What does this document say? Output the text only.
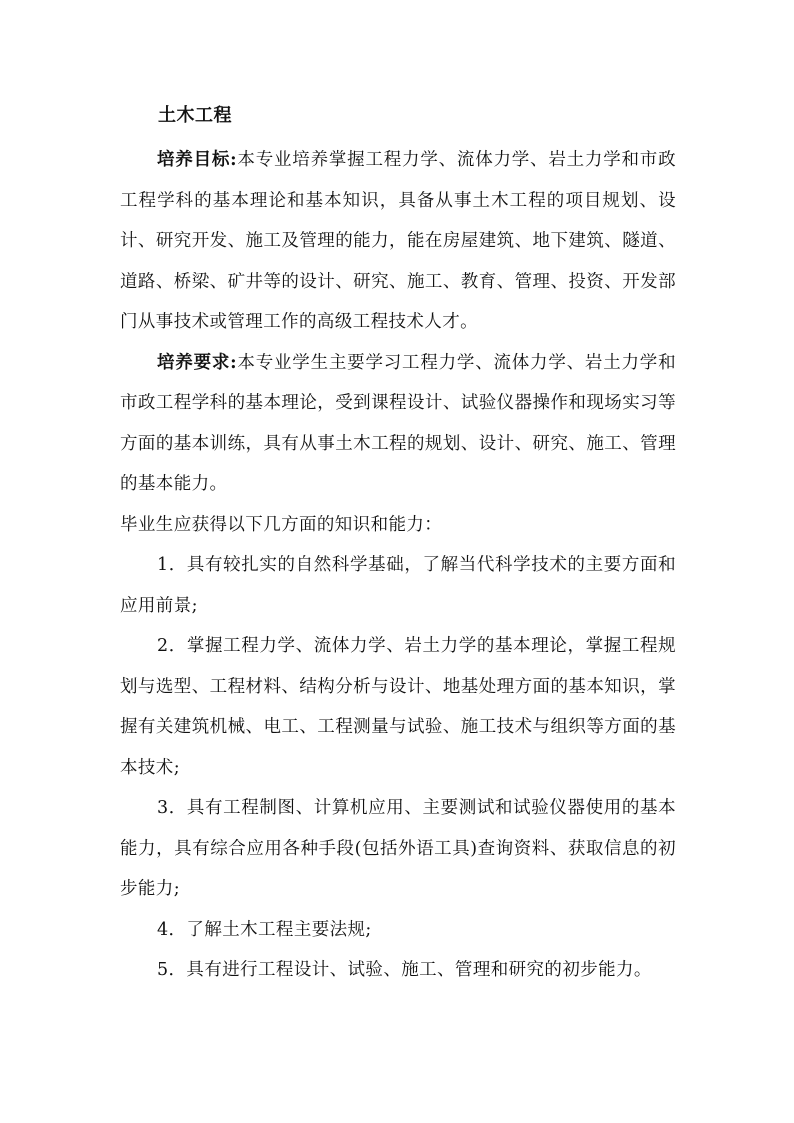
土木工程

培养目标:本专业培养掌握工程力学、流体力学、岩土力学和市政工程学科的基本理论和基本知识，具备从事土木工程的项目规划、设计、研究开发、施工及管理的能力，能在房屋建筑、地下建筑、隧道、道路、桥梁、矿井等的设计、研究、施工、教育、管理、投资、开发部门从事技术或管理工作的高级工程技术人才。

培养要求:本专业学生主要学习工程力学、流体力学、岩土力学和市政工程学科的基本理论，受到课程设计、试验仪器操作和现场实习等方面的基本训练，具有从事土木工程的规划、设计、研究、施工、管理的基本能力。

毕业生应获得以下几方面的知识和能力：

1．具有较扎实的自然科学基础，了解当代科学技术的主要方面和应用前景;

2．掌握工程力学、流体力学、岩土力学的基本理论，掌握工程规划与选型、工程材料、结构分析与设计、地基处理方面的基本知识，掌握有关建筑机械、电工、工程测量与试验、施工技术与组织等方面的基本技术;

3．具有工程制图、计算机应用、主要测试和试验仪器使用的基本能力，具有综合应用各种手段(包括外语工具)查询资料、获取信息的初步能力;

4．了解土木工程主要法规;

5．具有进行工程设计、试验、施工、管理和研究的初步能力。
